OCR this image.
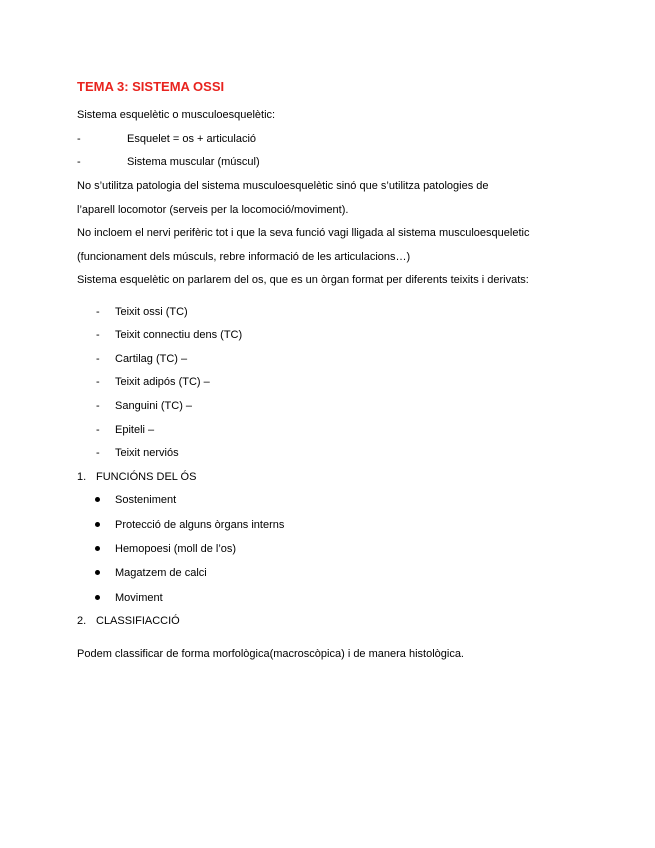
TEMA 3: SISTEMA OSSI
Sistema esquelètic o musculoesquelètic:
-	Esquelet = os + articulació
-	Sistema muscular (múscul)
No s’utilitza patologia del sistema musculoesquelètic sinó que s’utilitza patologies de
l’aparell locomotor (serveis per la locomoció/moviment).
No incloem el nervi perifèric tot i que la seva funció vagi lligada al sistema musculoesqueletic
(funcionament dels músculs, rebre informació de les articulacions…)
Sistema esquelètic on parlarem del os, que es un òrgan format per diferents teixits i derivats:
- Teixit ossi (TC)
- Teixit connectiu dens (TC)
- Cartilag (TC) –
- Teixit adipós (TC) –
- Sanguini (TC) –
- Epiteli –
- Teixit nerviós
1. FUNCIÓNS DEL ÓS
Sosteniment
Protecció de alguns òrgans interns
Hemopoesi (moll de l’os)
Magatzem de calci
Moviment
2. CLASSIFIACCIÓ
Podem classificar de forma morfològica(macroscòpica) i de manera histològica.
